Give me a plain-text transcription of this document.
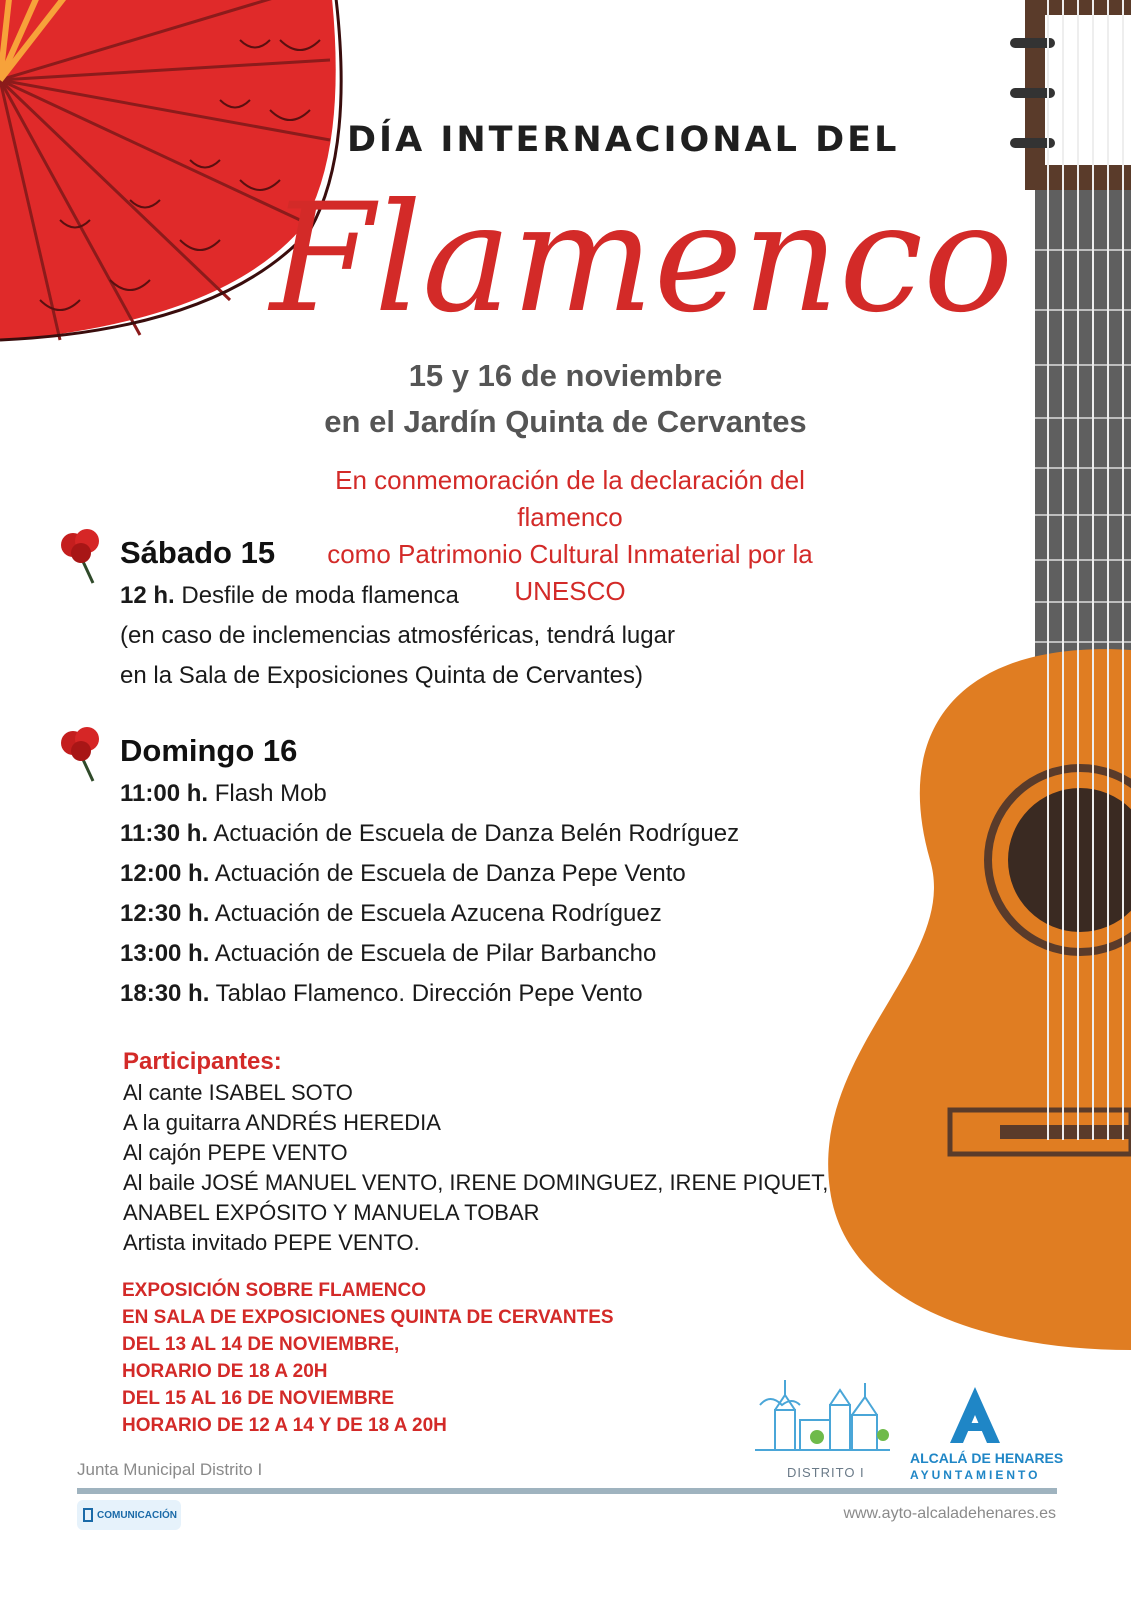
DÍA INTERNACIONAL DEL
Flamenco
15 y 16 de noviembre
en el Jardín Quinta de Cervantes
En conmemoración de la declaración del flamenco
como Patrimonio Cultural Inmaterial por la UNESCO
Sábado 15
12 h. Desfile de moda flamenca
(en caso de inclemencias atmosféricas, tendrá lugar
en la Sala de Exposiciones Quinta de Cervantes)
Domingo 16
11:00 h. Flash Mob
11:30 h. Actuación de Escuela de Danza Belén Rodríguez
12:00 h. Actuación de Escuela de Danza Pepe Vento
12:30 h. Actuación de Escuela Azucena Rodríguez
13:00 h. Actuación de Escuela de Pilar Barbancho
18:30 h. Tablao Flamenco. Dirección Pepe Vento
Participantes:
Al cante ISABEL SOTO
A la guitarra ANDRÉS HEREDIA
Al cajón PEPE VENTO
Al baile JOSÉ MANUEL VENTO, IRENE DOMINGUEZ, IRENE PIQUET,
ANABEL EXPÓSITO Y MANUELA TOBAR
Artista invitado PEPE VENTO.
EXPOSICIÓN SOBRE FLAMENCO
EN SALA DE EXPOSICIONES QUINTA DE CERVANTES
DEL 13 AL 14 DE NOVIEMBRE,
HORARIO DE 18 A 20H
DEL 15 AL 16 DE NOVIEMBRE
HORARIO DE 12 A 14 Y DE 18 A 20H
DISTRITO I
ALCALÁ DE HENARES
AYUNTAMIENTO
Junta Municipal Distrito I
COMUNICACIÓN	www.ayto-alcaladehenares.es
